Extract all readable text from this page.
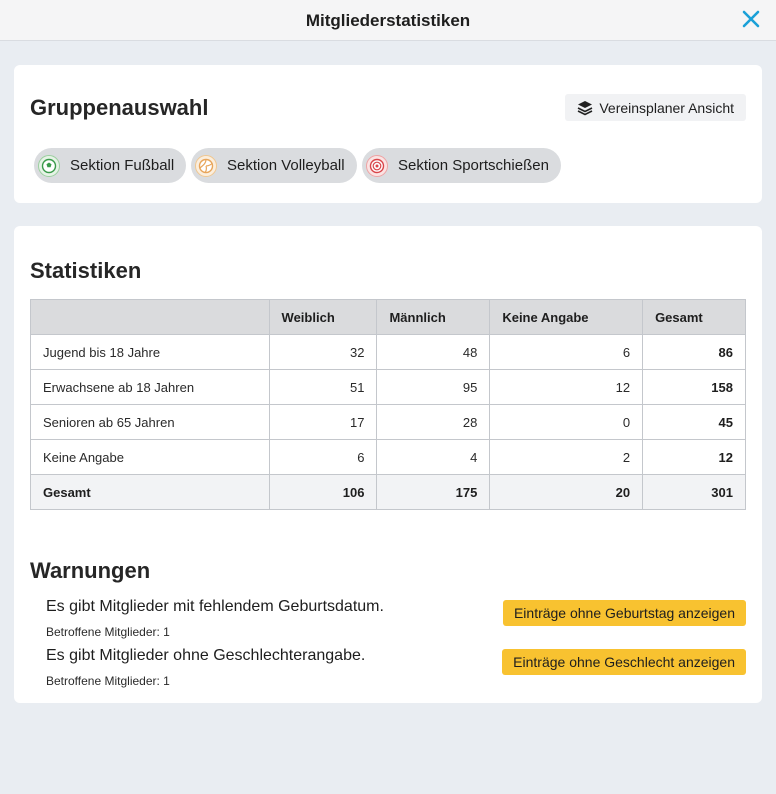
Mitgliederstatistiken
Gruppenauswahl	Vereinsplaner Ansicht
Sektion Fußball	Sektion Volleyball	Sektion Sportschießen
Statistiken
	Weiblich	Männlich	Keine Angabe	Gesamt
Jugend bis 18 Jahre	32	48	6	86
Erwachsene ab 18 Jahren	51	95	12	158
Senioren ab 65 Jahren	17	28	0	45
Keine Angabe	6	4	2	12
Gesamt	106	175	20	301
Warnungen
Es gibt Mitglieder mit fehlendem Geburtsdatum.
Betroffene Mitglieder: 1
Einträge ohne Geburtstag anzeigen
Es gibt Mitglieder ohne Geschlechterangabe.
Betroffene Mitglieder: 1
Einträge ohne Geschlecht anzeigen
